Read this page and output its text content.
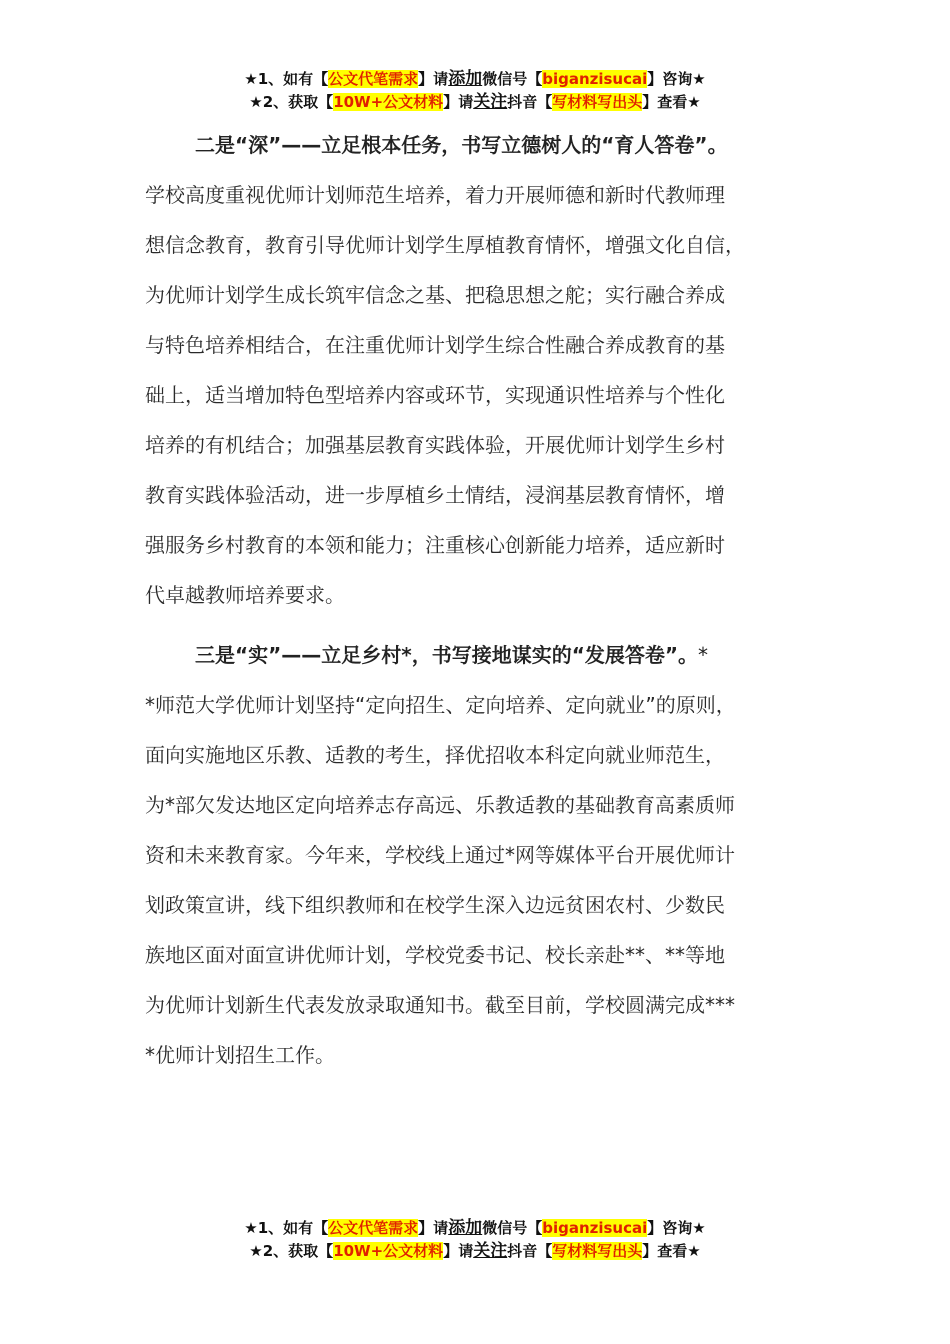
★1、如有【公文代笔需求】请添加微信号【biganzisucai】咨询★
★2、获取【10W+公文材料】请关注抖音【写材料写出头】查看★
二是“深”——立足根本任务，书写立德树人的“育人答卷”。
学校高度重视优师计划师范生培养，着力开展师德和新时代教师理
想信念教育，教育引导优师计划学生厚植教育情怀，增强文化自信，
为优师计划学生成长筑牢信念之基、把稳思想之舵；实行融合养成
与特色培养相结合，在注重优师计划学生综合性融合养成教育的基
础上，适当增加特色型培养内容或环节，实现通识性培养与个性化
培养的有机结合；加强基层教育实践体验，开展优师计划学生乡村
教育实践体验活动，进一步厚植乡土情结，浸润基层教育情怀，增
强服务乡村教育的本领和能力；注重核心创新能力培养，适应新时
代卓越教师培养要求。
三是“实”——立足乡村*，书写接地谋实的“发展答卷”。*
*师范大学优师计划坚持“定向招生、定向培养、定向就业”的原则，
面向实施地区乐教、适教的考生，择优招收本科定向就业师范生，
为*部欠发达地区定向培养志存高远、乐教适教的基础教育高素质师
资和未来教育家。今年来，学校线上通过*网等媒体平台开展优师计
划政策宣讲，线下组织教师和在校学生深入边远贫困农村、少数民
族地区面对面宣讲优师计划，学校党委书记、校长亲赴**、**等地
为优师计划新生代表发放录取通知书。截至目前，学校圆满完成***
*优师计划招生工作。
★1、如有【公文代笔需求】请添加微信号【biganzisucai】咨询★
★2、获取【10W+公文材料】请关注抖音【写材料写出头】查看★
